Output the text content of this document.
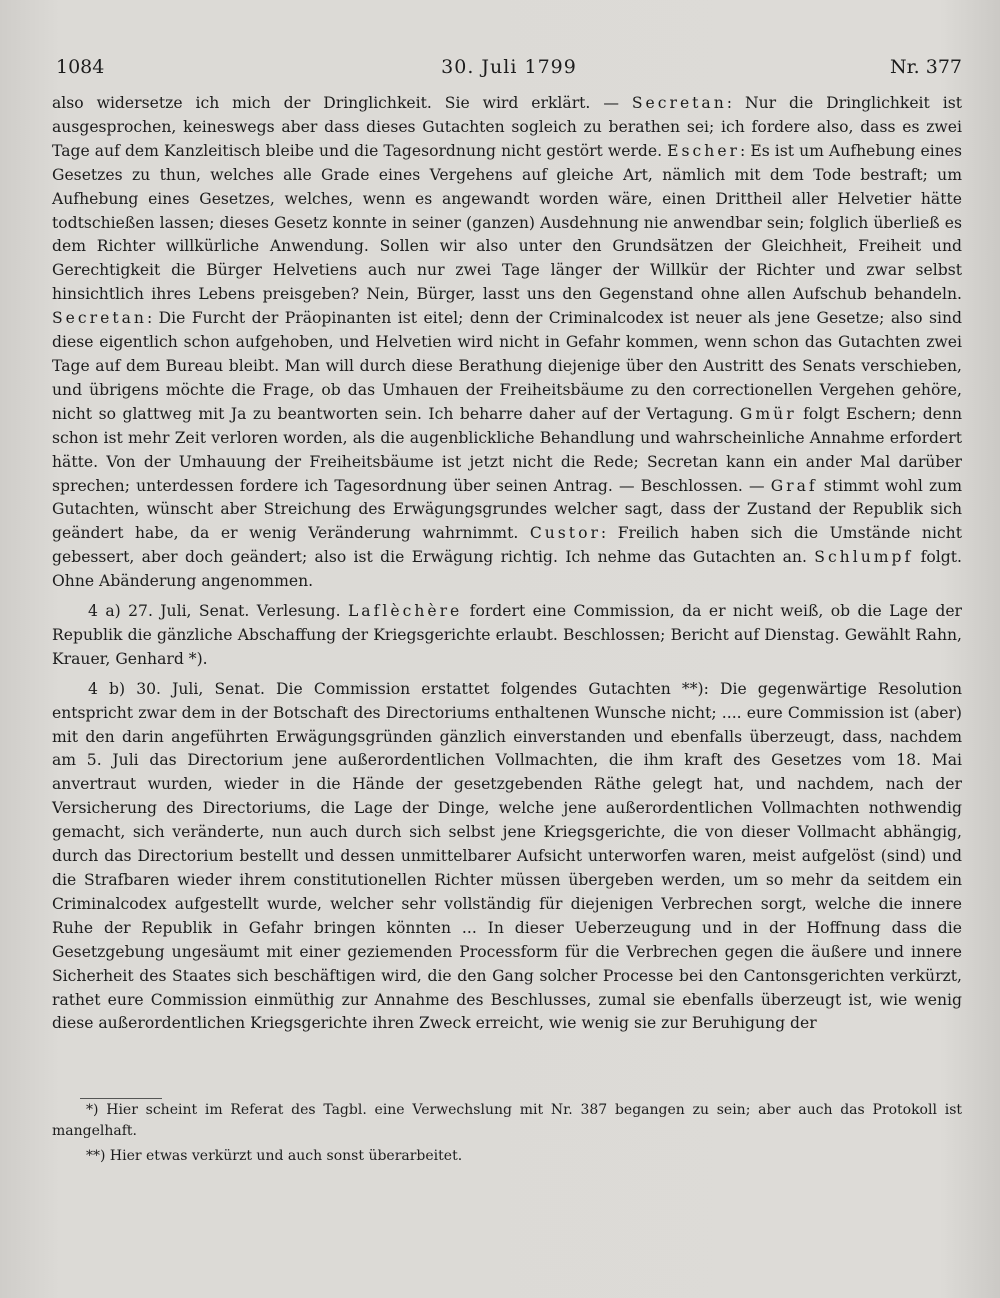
1084	30. Juli 1799	Nr. 377

also widersetze ich mich der Dringlichkeit. Sie wird erklärt. — Secretan: Nur die Dringlichkeit ist ausgesprochen, keineswegs aber dass dieses Gutachten sogleich zu berathen sei; ich fordere also, dass es zwei Tage auf dem Kanzleitisch bleibe und die Tagesordnung nicht gestört werde. Escher: Es ist um Aufhebung eines Gesetzes zu thun, welches alle Grade eines Vergehens auf gleiche Art, nämlich mit dem Tode bestraft; um Aufhebung eines Gesetzes, welches, wenn es angewandt worden wäre, einen Drittheil aller Helvetier hätte todtschießen lassen; dieses Gesetz konnte in seiner (ganzen) Ausdehnung nie anwendbar sein; folglich überließ es dem Richter willkürliche Anwendung. Sollen wir also unter den Grundsätzen der Gleichheit, Freiheit und Gerechtigkeit die Bürger Helvetiens auch nur zwei Tage länger der Willkür der Richter und zwar selbst hinsichtlich ihres Lebens preisgeben? Nein, Bürger, lasst uns den Gegenstand ohne allen Aufschub behandeln. Secretan: Die Furcht der Präopinanten ist eitel; denn der Criminalcodex ist neuer als jene Gesetze; also sind diese eigentlich schon aufgehoben, und Helvetien wird nicht in Gefahr kommen, wenn schon das Gutachten zwei Tage auf dem Bureau bleibt. Man will durch diese Berathung diejenige über den Austritt des Senats verschieben, und übrigens möchte die Frage, ob das Umhauen der Freiheitsbäume zu den correctionellen Vergehen gehöre, nicht so glattweg mit Ja zu beantworten sein. Ich beharre daher auf der Vertagung. Gmür folgt Eschern; denn schon ist mehr Zeit verloren worden, als die augenblickliche Behandlung und wahrscheinliche Annahme erfordert hätte. Von der Umhauung der Freiheitsbäume ist jetzt nicht die Rede; Secretan kann ein ander Mal darüber sprechen; unterdessen fordere ich Tagesordnung über seinen Antrag. — Beschlossen. — Graf stimmt wohl zum Gutachten, wünscht aber Streichung des Erwägungsgrundes welcher sagt, dass der Zustand der Republik sich geändert habe, da er wenig Veränderung wahrnimmt. Custor: Freilich haben sich die Umstände nicht gebessert, aber doch geändert; also ist die Erwägung richtig. Ich nehme das Gutachten an. Schlumpf folgt. Ohne Abänderung angenommen.

4 a) 27. Juli, Senat. Verlesung. Laflèchère fordert eine Commission, da er nicht weiß, ob die Lage der Republik die gänzliche Abschaffung der Kriegsgerichte erlaubt. Beschlossen; Bericht auf Dienstag. Gewählt Rahn, Krauer, Genhard *).

4 b) 30. Juli, Senat. Die Commission erstattet folgendes Gutachten **): Die gegenwärtige Resolution entspricht zwar dem in der Botschaft des Directoriums enthaltenen Wunsche nicht; .... eure Commission ist (aber) mit den darin angeführten Erwägungsgründen gänzlich einverstanden und ebenfalls überzeugt, dass, nachdem am 5. Juli das Directorium jene außerordentlichen Vollmachten, die ihm kraft des Gesetzes vom 18. Mai anvertraut wurden, wieder in die Hände der gesetzgebenden Räthe gelegt hat, und nachdem, nach der Versicherung des Directoriums, die Lage der Dinge, welche jene außerordentlichen Vollmachten nothwendig gemacht, sich veränderte, nun auch durch sich selbst jene Kriegsgerichte, die von dieser Vollmacht abhängig, durch das Directorium bestellt und dessen unmittelbarer Aufsicht unterworfen waren, meist aufgelöst (sind) und die Strafbaren wieder ihrem constitutionellen Richter müssen übergeben werden, um so mehr da seitdem ein Criminalcodex aufgestellt wurde, welcher sehr vollständig für diejenigen Verbrechen sorgt, welche die innere Ruhe der Republik in Gefahr bringen könnten ... In dieser Ueberzeugung und in der Hoffnung dass die Gesetzgebung ungesäumt mit einer geziemenden Processform für die Verbrechen gegen die äußere und innere Sicherheit des Staates sich beschäftigen wird, die den Gang solcher Processe bei den Cantonsgerichten verkürzt, rathet eure Commission einmüthig zur Annahme des Beschlusses, zumal sie ebenfalls überzeugt ist, wie wenig diese außerordentlichen Kriegsgerichte ihren Zweck erreicht, wie wenig sie zur Beruhigung der

*) Hier scheint im Referat des Tagbl. eine Verwechslung mit Nr. 387 begangen zu sein; aber auch das Protokoll ist mangelhaft.

**) Hier etwas verkürzt und auch sonst überarbeitet.
